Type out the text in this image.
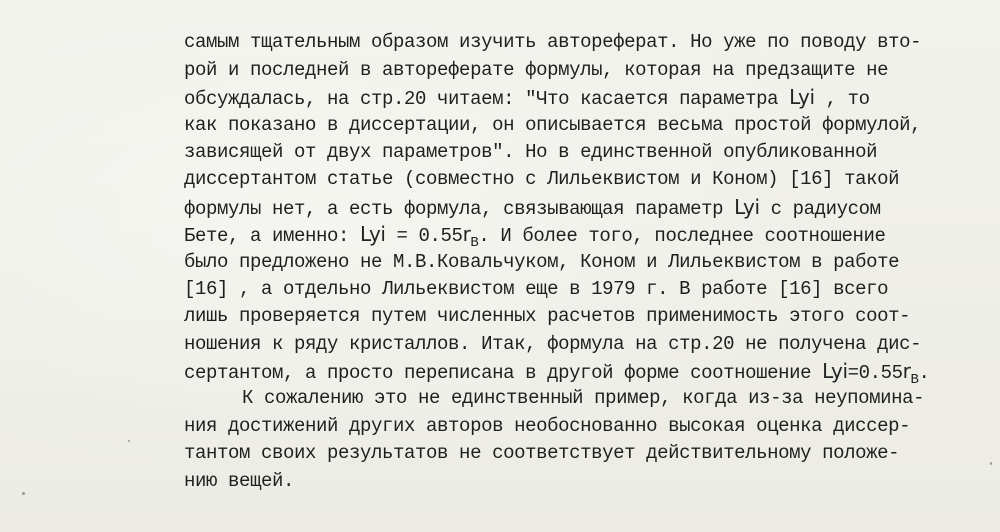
самым тщательным образом изучить автореферат. Но уже по поводу вто-

рой и последней в автореферате формулы, которая на предзащите не

обсуждалась, на стр.20 читаем: "Что касается параметра Lyi , то

как показано в диссертации, он описывается весьма простой формулой,

зависящей от двух параметров". Но в единственной опубликованной

диссертантом статье (совместно с Лильеквистом и Коном) [16] такой

формулы нет, а есть формула, связывающая параметр Lyi с радиусом

Бете, а именно: Lyi = $0.55r_B$. И более того, последнее соотношение

было предложено не М.В.Ковальчуком, Коном и Лильеквистом в работе

[16] , а отдельно Лильеквистом еще в 1979 г. В работе [16] всего

лишь проверяется путем численных расчетов применимость этого соот-

ношения к ряду кристаллов. Итак, формула на стр.20 не получена дис-

сертантом, а просто переписана в другой форме соотношение $Lyi=0.55r_B$.

К сожалению это не единственный пример, когда из-за неупомина-

ния достижений других авторов необоснованно высокая оценка диссер-

тантом своих результатов не соответствует действительному положе-

нию вещей.
